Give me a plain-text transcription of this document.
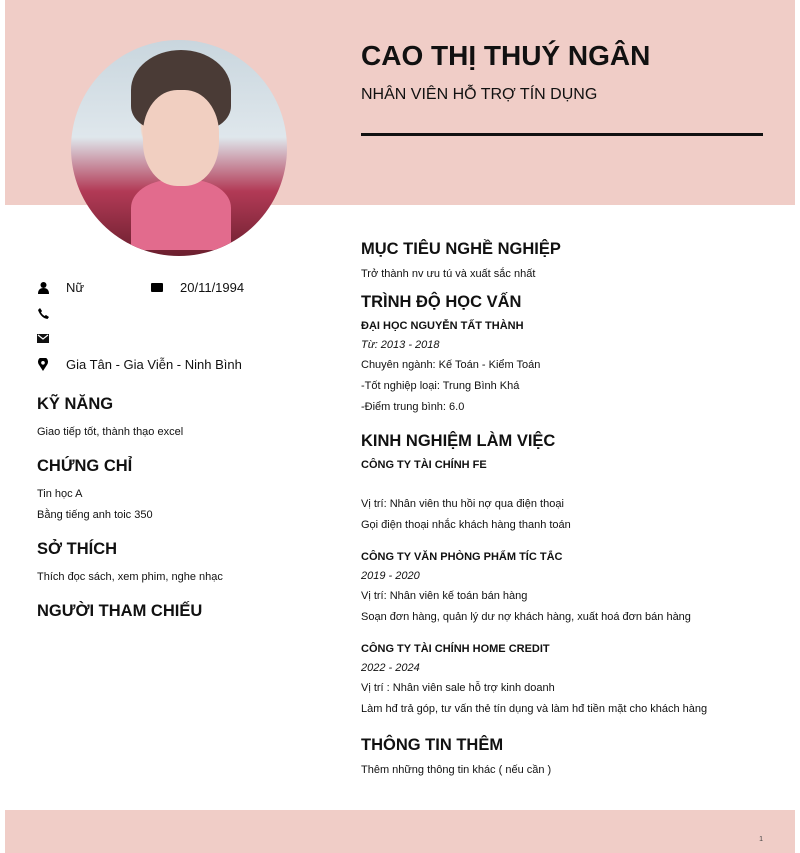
CAO THỊ THUÝ NGÂN
NHÂN VIÊN HỖ TRỢ TÍN DỤNG
Nữ	20/11/1994
Gia Tân - Gia Viễn - Ninh Bình
KỸ NĂNG

Giao tiếp tốt, thành thạo excel

CHỨNG CHỈ

Tin học A

Bằng tiếng anh toic 350

SỞ THÍCH

Thích đọc sách, xem phim, nghe nhạc

NGƯỜI THAM CHIẾU
MỤC TIÊU NGHỀ NGHIỆP

Trở thành nv ưu tú và xuất sắc nhất

TRÌNH ĐỘ HỌC VẤN
ĐẠI HỌC NGUYỄN TẤT THÀNH

Từ: 2013 - 2018

Chuyên ngành: Kế Toán - Kiểm Toán

-Tốt nghiệp loại: Trung Bình Khá

-Điểm trung bình: 6.0

KINH NGHIỆM LÀM VIỆC
CÔNG TY TÀI CHÍNH FE

Vị trí: Nhân viên thu hồi nợ qua điện thoại

Gọi điện thoại nhắc khách hàng thanh toán

CÔNG TY VĂN PHÒNG PHẨM TÍC TẮC

2019 - 2020

Vị trí: Nhân viên kế toán bán hàng

Soạn đơn hàng, quản lý dư nợ khách hàng, xuất hoá đơn bán hàng

CÔNG TY TÀI CHÍNH HOME CREDIT

2022 - 2024

Vị trí : Nhân viên sale hỗ trợ kinh doanh

Làm hđ trả góp, tư vấn thẻ tín dụng và làm hđ tiền mặt cho khách hàng

THÔNG TIN THÊM

Thêm những thông tin khác ( nếu cần )

1
